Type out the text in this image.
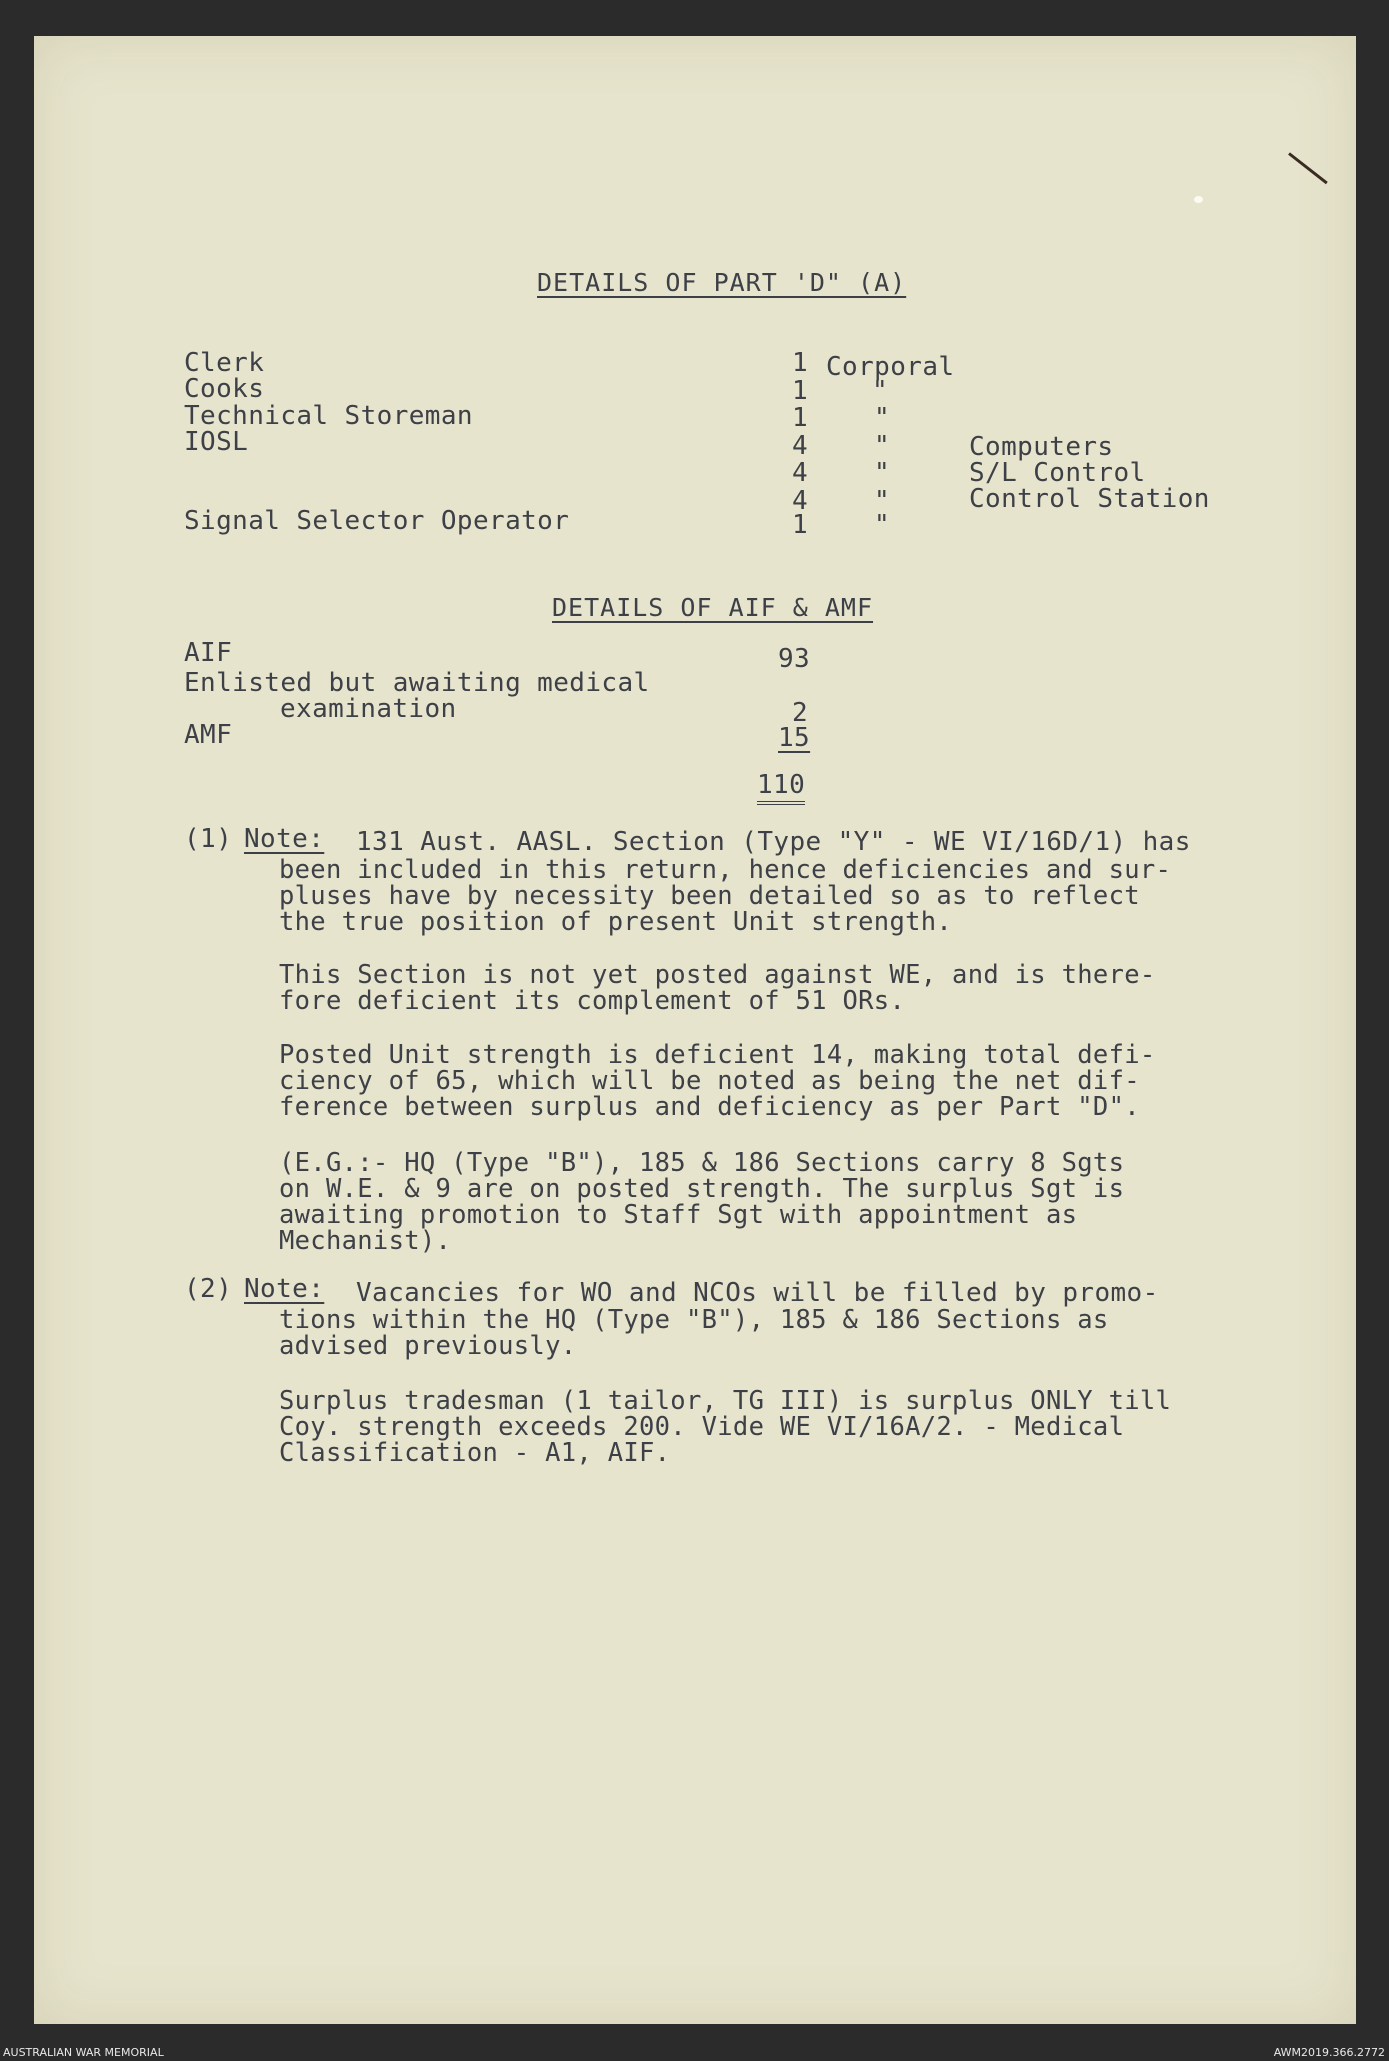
DETAILS OF PART 'D" (A)
Clerk	1 Corporal
Cooks	1 "
Technical Storeman	1	"
IOSL	4	"	Computers
4	"	S/L Control
4	"	Control Station
Signal Selector Operator	1	"
DETAILS OF AIF & AMF
AIF	93
Enlisted but awaiting medical
examination	2
AMF	15
110
(1) Note: 131 Aust. AASL. Section (Type "Y" - WE VI/16D/1) has
been included in this return, hence deficiencies and sur-
pluses have by necessity been detailed so as to reflect
the true position of present Unit strength.
This Section is not yet posted against WE, and is there-
fore deficient its complement of 51 ORs.
Posted Unit strength is deficient 14, making total defi-
ciency of 65, which will be noted as being the net dif-
ference between surplus and deficiency as per Part "D".
(E.G.:- HQ (Type "B"), 185 & 186 Sections carry 8 Sgts
on W.E. & 9 are on posted strength. The surplus Sgt is
awaiting promotion to Staff Sgt with appointment as
Mechanist).
(2) Note: Vacancies for WO and NCOs will be filled by promo-
tions within the HQ (Type "B"), 185 & 186 Sections as
advised previously.
Surplus tradesman (1 tailor, TG III) is surplus ONLY till
Coy. strength exceeds 200. Vide WE VI/16A/2. - Medical
Classification - A1, AIF.
AUSTRALIAN WAR MEMORIAL	AWM2019.366.2772
